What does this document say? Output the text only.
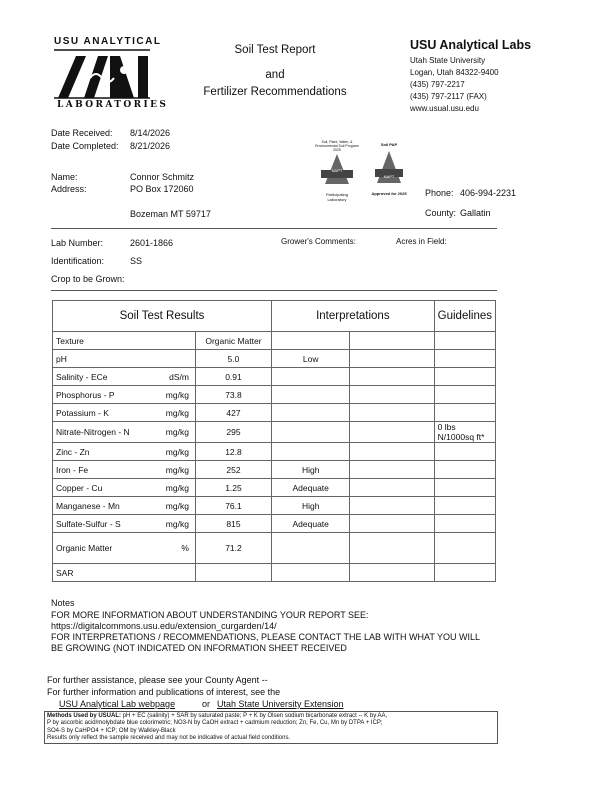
USU ANALYTICAL
LABORATORIES
Soil Test Report
and
Fertilizer Recommendations
USU Analytical Labs
Utah State University
Logan, Utah 84322-9400
(435) 797-2217
(435) 797-2117 (FAX)
www.usual.usu.edu
Date Received: 8/14/2026
Date Completed: 8/21/2026	Soil, Plant, Water, & Environmental Soil Program 2025
NAPT
Participating Laboratory
Soil PAP
NAPT
Approved for 2025
Name:	Connor Schmitz
Address:	PO Box 172060
Bozeman MT 59717
Phone: 406-994-2231
County: Gallatin
Lab Number:	2601-1866	Grower's Comments:	Acres in Field:
Identification:	SS
Crop to be Grown:
Soil Test Results			Interpretations		Guidelines
Texture		Organic Matter			
pH		5.0	Low		
Salinity - ECe	dS/m	0.91			
Phosphorus - P	mg/kg	73.8			
Potassium - K	mg/kg	427			
Nitrate-Nitrogen - N	mg/kg	295			0 lbs N/1000sq ft*
Zinc - Zn	mg/kg	12.8			
Iron - Fe	mg/kg	252	High		
Copper - Cu	mg/kg	1.25	Adequate		
Manganese - Mn	mg/kg	76.1	High		
Sulfate-Sulfur - S	mg/kg	815	Adequate		
Organic Matter	%	71.2			
SAR					
Notes
FOR MORE INFORMATION ABOUT UNDERSTANDING YOUR REPORT SEE:
https://digitalcommons.usu.edu/extension_curgarden/14/
FOR INTERPRETATIONS / RECOMMENDATIONS, PLEASE CONTACT THE LAB WITH WHAT YOU WILL
BE GROWING (NOT INDICATED ON INFORMATION SHEET RECEIVED
For further assistance, please see your County Agent --
For further information and publications of interest, see the
USU Analytical Lab webpage	or Utah State University Extension
Methods Used by USUAL: pH + EC (salinity) + SAR by saturated paste; P + K by Olsen sodium bicarbonate extract -- K by AA,
P by ascorbic acid/molybdate blue colorimetric; NO3-N by CaOH extract + cadmium reduction; Zn, Fe, Cu, Mn by DTPA + ICP;
SO4-S by CaHPO4 + ICP; OM by Walkley-Black
Results only reflect the sample received and may not be indicative of actual field conditions.
